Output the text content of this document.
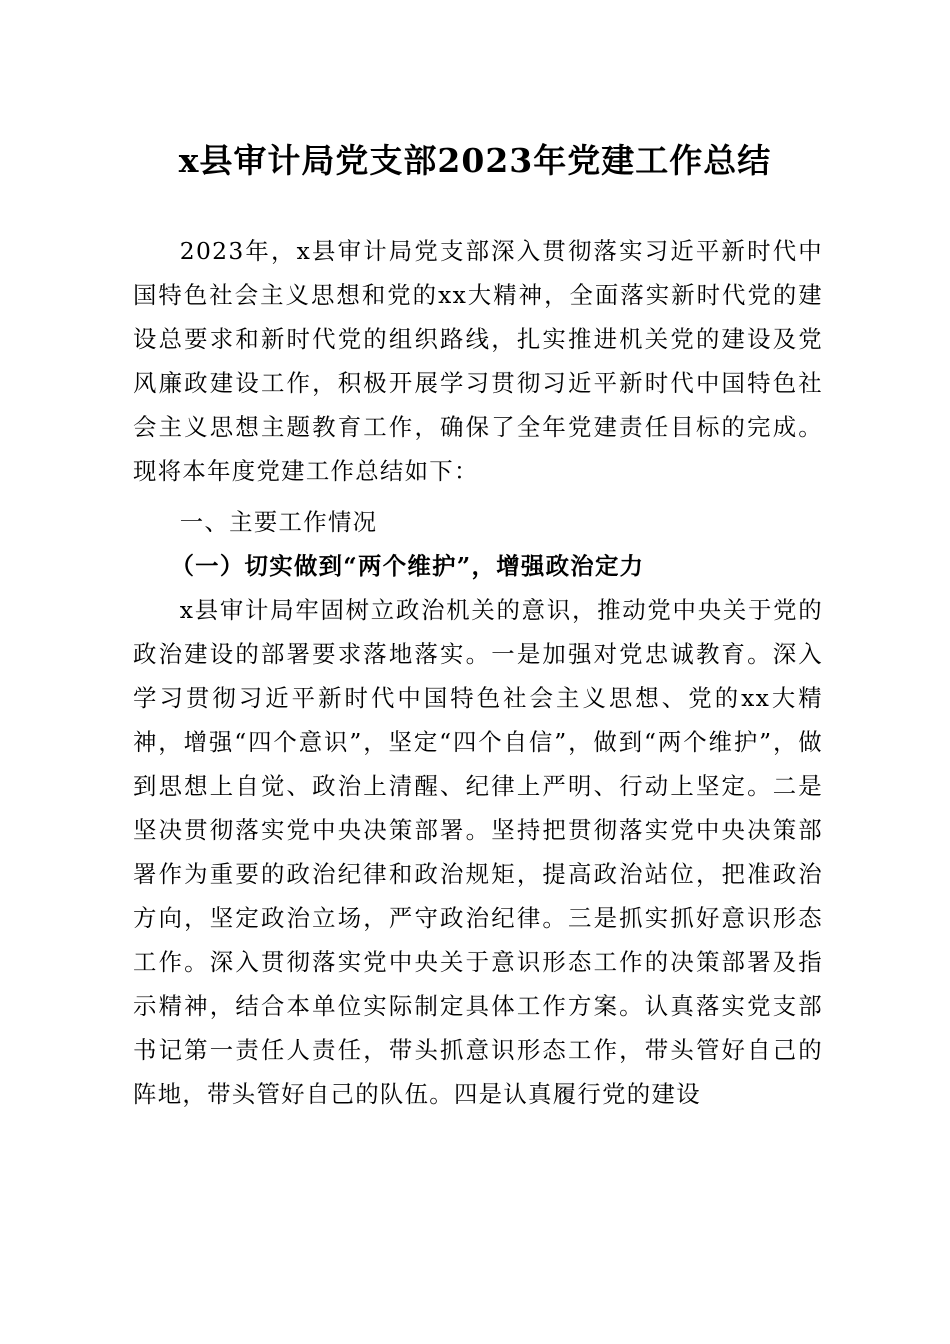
x县审计局党支部2023年党建工作总结

2023年，x县审计局党支部深入贯彻落实习近平新时代中国特色社会主义思想和党的xx大精神，全面落实新时代党的建设总要求和新时代党的组织路线，扎实推进机关党的建设及党风廉政建设工作，积极开展学习贯彻习近平新时代中国特色社会主义思想主题教育工作，确保了全年党建责任目标的完成。现将本年度党建工作总结如下：

一、主要工作情况

（一）切实做到“两个维护”，增强政治定力

x县审计局牢固树立政治机关的意识，推动党中央关于党的政治建设的部署要求落地落实。一是加强对党忠诚教育。深入学习贯彻习近平新时代中国特色社会主义思想、党的xx大精神，增强“四个意识”，坚定“四个自信”，做到“两个维护”，做到思想上自觉、政治上清醒、纪律上严明、行动上坚定。二是坚决贯彻落实党中央决策部署。坚持把贯彻落实党中央决策部署作为重要的政治纪律和政治规矩，提高政治站位，把准政治方向，坚定政治立场，严守政治纪律。三是抓实抓好意识形态工作。深入贯彻落实党中央关于意识形态工作的决策部署及指示精神，结合本单位实际制定具体工作方案。认真落实党支部书记第一责任人责任，带头抓意识形态工作，带头管好自己的阵地，带头管好自己的队伍。四是认真履行党的建设
